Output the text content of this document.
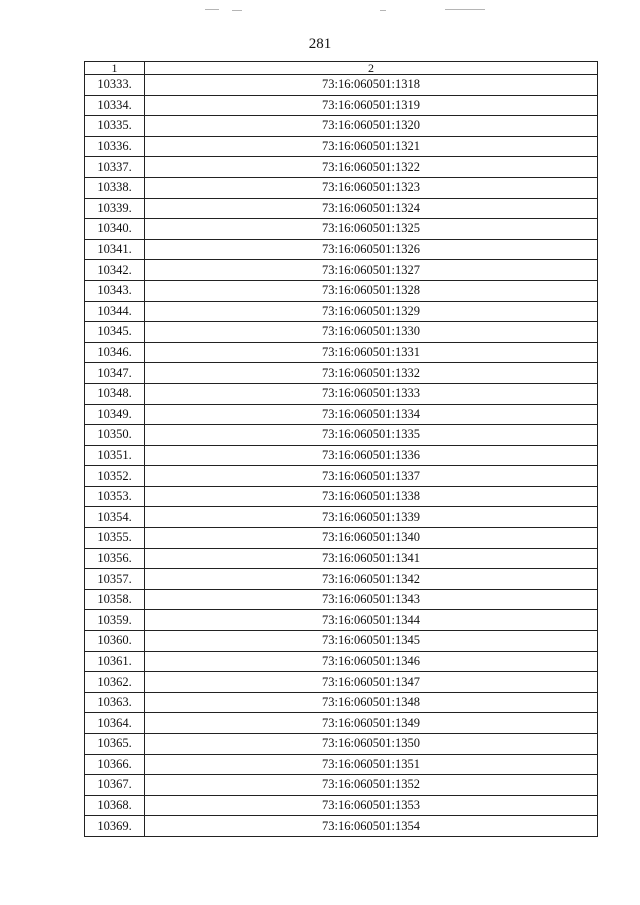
281
1	2
10333.	73:16:060501:1318
10334.	73:16:060501:1319
10335.	73:16:060501:1320
10336.	73:16:060501:1321
10337.	73:16:060501:1322
10338.	73:16:060501:1323
10339.	73:16:060501:1324
10340.	73:16:060501:1325
10341.	73:16:060501:1326
10342.	73:16:060501:1327
10343.	73:16:060501:1328
10344.	73:16:060501:1329
10345.	73:16:060501:1330
10346.	73:16:060501:1331
10347.	73:16:060501:1332
10348.	73:16:060501:1333
10349.	73:16:060501:1334
10350.	73:16:060501:1335
10351.	73:16:060501:1336
10352.	73:16:060501:1337
10353.	73:16:060501:1338
10354.	73:16:060501:1339
10355.	73:16:060501:1340
10356.	73:16:060501:1341
10357.	73:16:060501:1342
10358.	73:16:060501:1343
10359.	73:16:060501:1344
10360.	73:16:060501:1345
10361.	73:16:060501:1346
10362.	73:16:060501:1347
10363.	73:16:060501:1348
10364.	73:16:060501:1349
10365.	73:16:060501:1350
10366.	73:16:060501:1351
10367.	73:16:060501:1352
10368.	73:16:060501:1353
10369.	73:16:060501:1354
